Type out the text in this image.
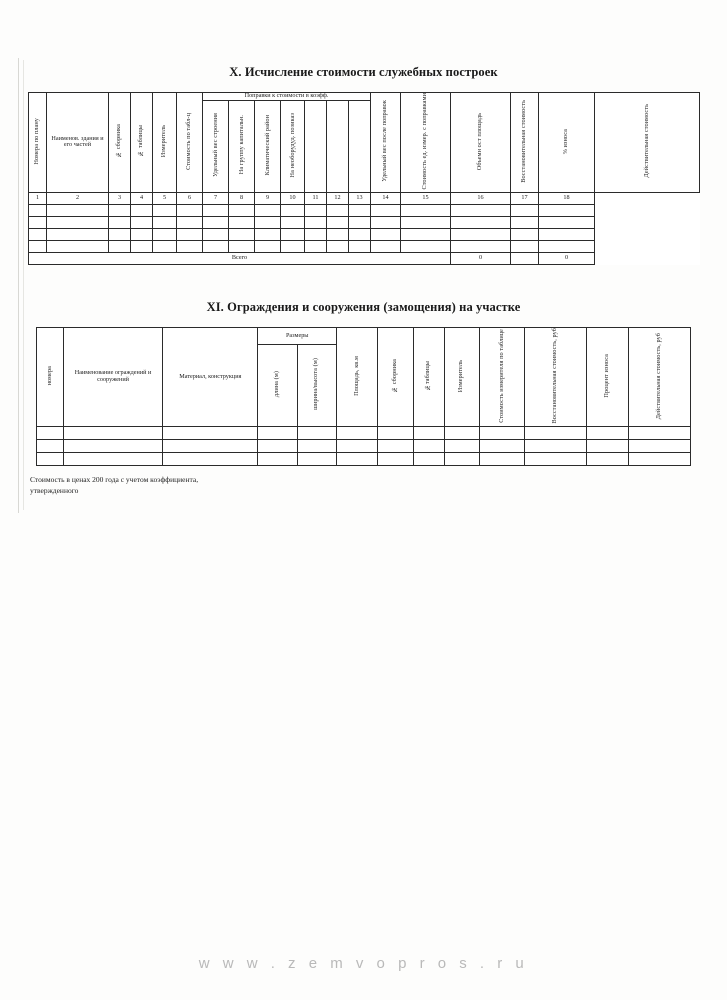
X. Исчисление стоимости служебных построек
Номера по плану	Наименов. здания и его частей	№ сборника	№ таблицы	Измеритель	Стоимость по табл-ц	Поправки к стоимости в коэфф.							Удельный вес после поправок	Стоимость ед. измер. с поправками	Объемн ост площадь	Восстановительная стоимость	% износа	Действительная стоимость
						Удельный вес строения	На группу капитальн.	Климатический район	На необорудуд. позиказ									

1	2	3	4	5	6	7	8	9	10	11	12	13	14	15	16	17	18	

Всего															0		0	
XI. Ограждения и сооружения (замощения) на участке
номера	Наименование ограждений и сооружений	Материал, конструкция	Размеры		Площадь, кв.м	№ сборника	№таблицы	Измеритель	Стоимость измерителя по таблице	Восстановительная стоимость, руб	Процент износа	Действительная стоимость, руб
			длина (м)	ширина/высота (м)								

Стоимость в ценах 200 года с учетом коэффициента,
утвержденного
w w w . z e m v o p r o s . r u
